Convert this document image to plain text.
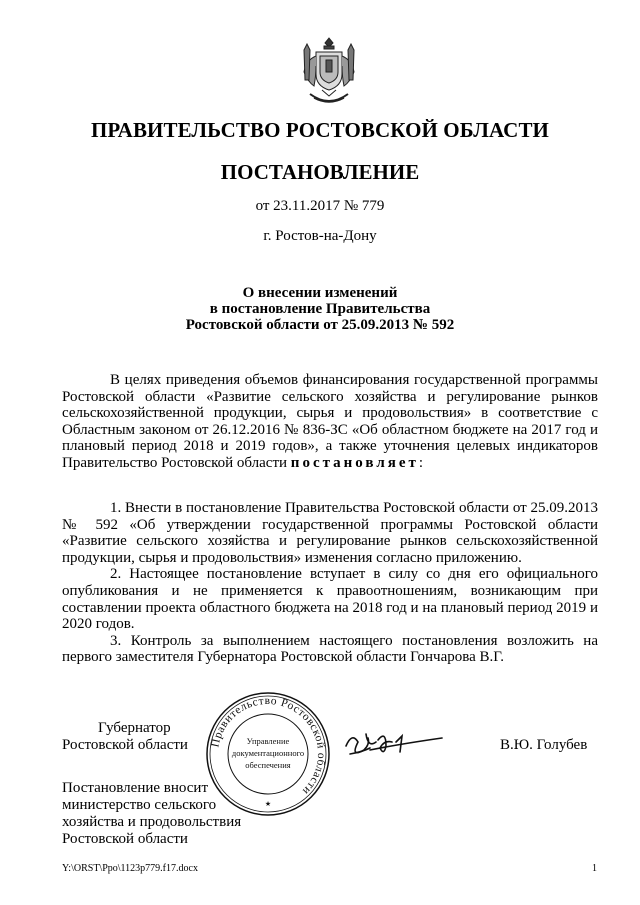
ПРАВИТЕЛЬСТВО РОСТОВСКОЙ ОБЛАСТИ
ПОСТАНОВЛЕНИЕ
от 23.11.2017 № 779
г. Ростов-на-Дону
О внесении изменений
в постановление Правительства
Ростовской области от 25.09.2013 № 592

В целях приведения объемов финансирования государственной программы Ростовской области «Развитие сельского хозяйства и регулирование рынков сельскохозяйственной продукции, сырья и продовольствия» в соответствие с Областным законом от 26.12.2016 № 836-ЗС «Об областном бюджете на 2017 год и плановый период 2018 и 2019 годов», а также уточнения целевых индикаторов Правительство Ростовской области постановляет:

1. Внести в постановление Правительства Ростовской области от 25.09.2013 № 592 «Об утверждении государственной программы Ростовской области «Развитие сельского хозяйства и регулирование рынков сельскохозяйственной продукции, сырья и продовольствия» изменения согласно приложению.

2. Настоящее постановление вступает в силу со дня его официального опубликования и не применяется к правоотношениям, возникающим при составлении проекта областного бюджета на 2018 год и на плановый период 2019 и 2020 годов.

3. Контроль за выполнением настоящего постановления возложить на первого заместителя Губернатора Ростовской области Гончарова В.Г.

Губернатор
Ростовской области	Правительство Ростовской области
Управление
документационного
обеспечения
★
В.Ю. Голубев
Постановление вносит
министерство сельского
хозяйства и продовольствия
Ростовской области
Y:\ORST\Ppo\1123p779.f17.docx	1
